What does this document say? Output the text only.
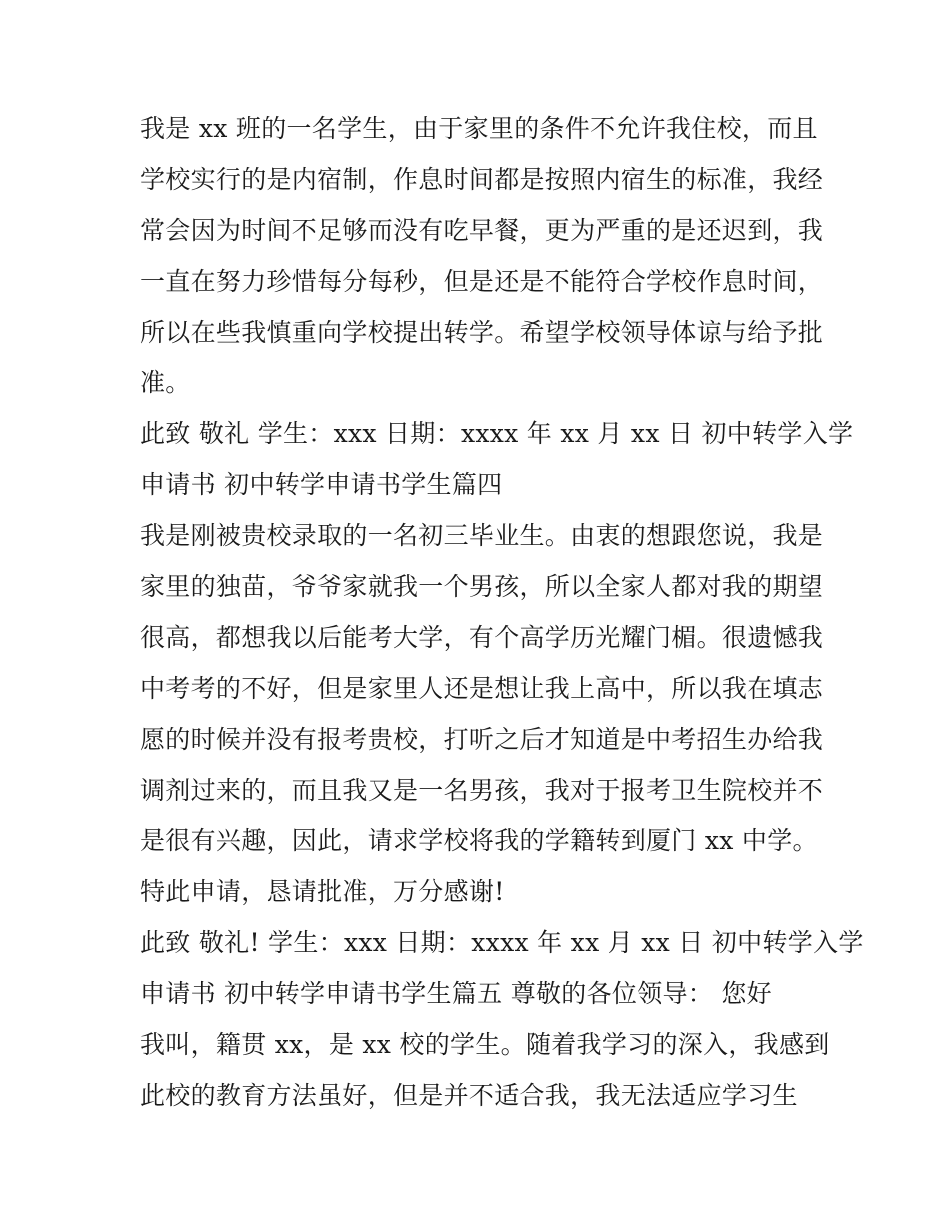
我是 xx 班的一名学生，由于家里的条件不允许我住校，而且
学校实行的是内宿制，作息时间都是按照内宿生的标准，我经
常会因为时间不足够而没有吃早餐，更为严重的是还迟到，我
一直在努力珍惜每分每秒，但是还是不能符合学校作息时间，
所以在些我慎重向学校提出转学。希望学校领导体谅与给予批
准。
此致 敬礼 学生：xxx 日期：xxxx 年 xx 月 xx 日 初中转学入学
申请书 初中转学申请书学生篇四
我是刚被贵校录取的一名初三毕业生。由衷的想跟您说，我是
家里的独苗，爷爷家就我一个男孩，所以全家人都对我的期望
很高，都想我以后能考大学，有个高学历光耀门楣。很遗憾我
中考考的不好，但是家里人还是想让我上高中，所以我在填志
愿的时候并没有报考贵校，打听之后才知道是中考招生办给我
调剂过来的，而且我又是一名男孩，我对于报考卫生院校并不
是很有兴趣，因此，请求学校将我的学籍转到厦门 xx 中学。
特此申请，恳请批准，万分感谢!
此致 敬礼! 学生：xxx 日期：xxxx 年 xx 月 xx 日 初中转学入学
申请书 初中转学申请书学生篇五 尊敬的各位领导： 您好
我叫，籍贯 xx，是 xx 校的学生。随着我学习的深入，我感到
此校的教育方法虽好，但是并不适合我，我无法适应学习生
